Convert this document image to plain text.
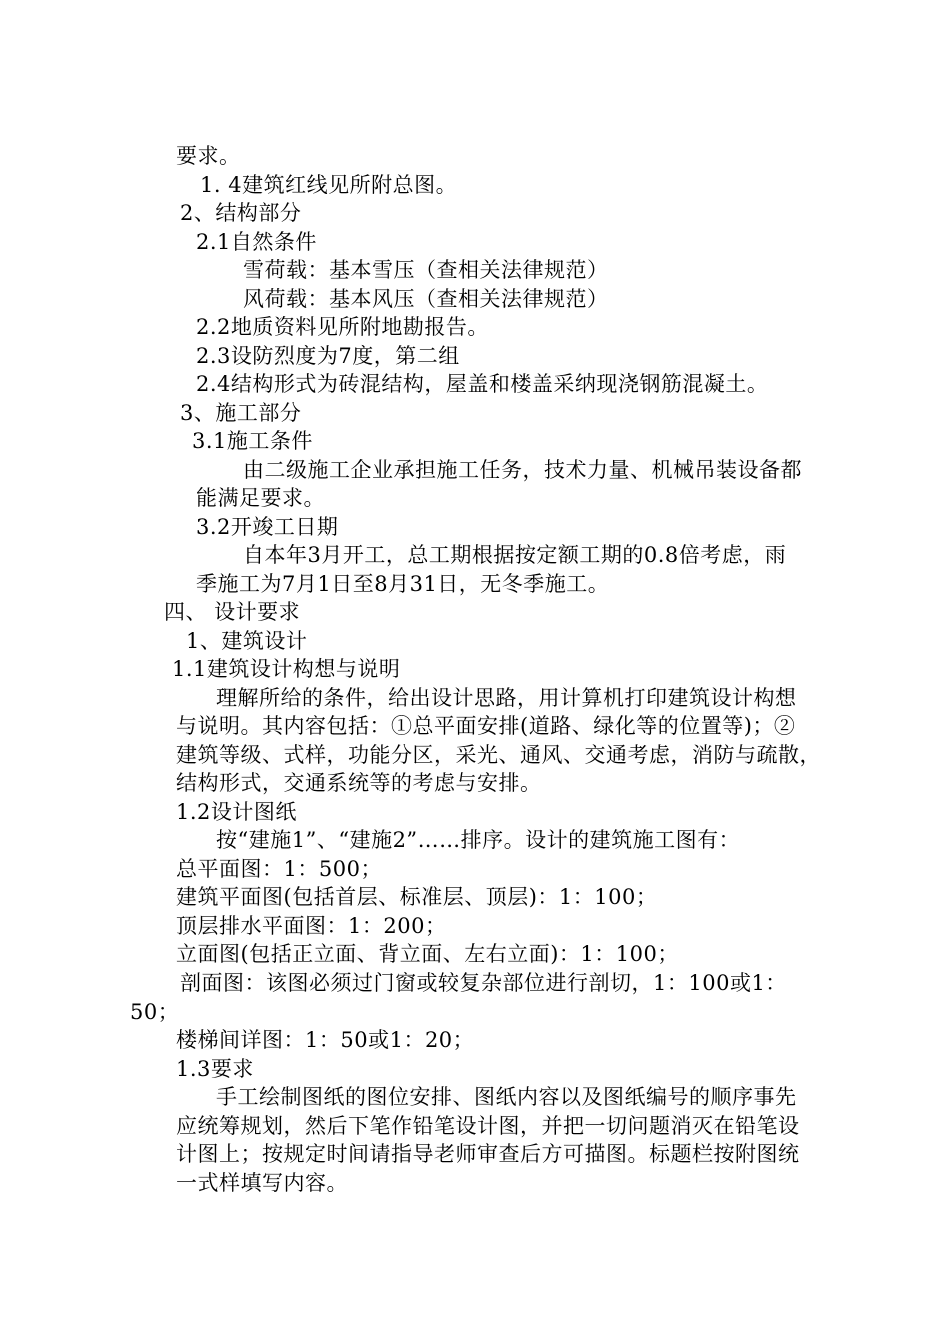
要求。
1. 4建筑红线见所附总图。
2、结构部分
2.1自然条件
雪荷载：基本雪压（查相关法律规范）
风荷载：基本风压（查相关法律规范）
2.2地质资料见所附地勘报告。
2.3设防烈度为7度，第二组
2.4结构形式为砖混结构，屋盖和楼盖采纳现浇钢筋混凝土。
3、施工部分
3.1施工条件
由二级施工企业承担施工任务，技术力量、机械吊装设备都
能满足要求。
3.2开竣工日期
自本年3月开工，总工期根据按定额工期的0.8倍考虑，雨
季施工为7月1日至8月31日，无冬季施工。
四、 设计要求
1、建筑设计
1.1建筑设计构想与说明
理解所给的条件，给出设计思路，用计算机打印建筑设计构想
与说明。其内容包括：①总平面安排(道路、绿化等的位置等)；②
建筑等级、式样，功能分区，采光、通风、交通考虑，消防与疏散，
结构形式，交通系统等的考虑与安排。
1.2设计图纸
按“建施1”、“建施2”……排序。设计的建筑施工图有：
总平面图：1：500；
建筑平面图(包括首层、标准层、顶层)：1：100；
顶层排水平面图：1：200；
立面图(包括正立面、背立面、左右立面)：1：100；
剖面图：该图必须过门窗或较复杂部位进行剖切，1：100或1：
50；
楼梯间详图：1：50或1：20；
1.3要求
手工绘制图纸的图位安排、图纸内容以及图纸编号的顺序事先
应统筹规划，然后下笔作铅笔设计图，并把一切问题消灭在铅笔设
计图上；按规定时间请指导老师审查后方可描图。标题栏按附图统
一式样填写内容。
